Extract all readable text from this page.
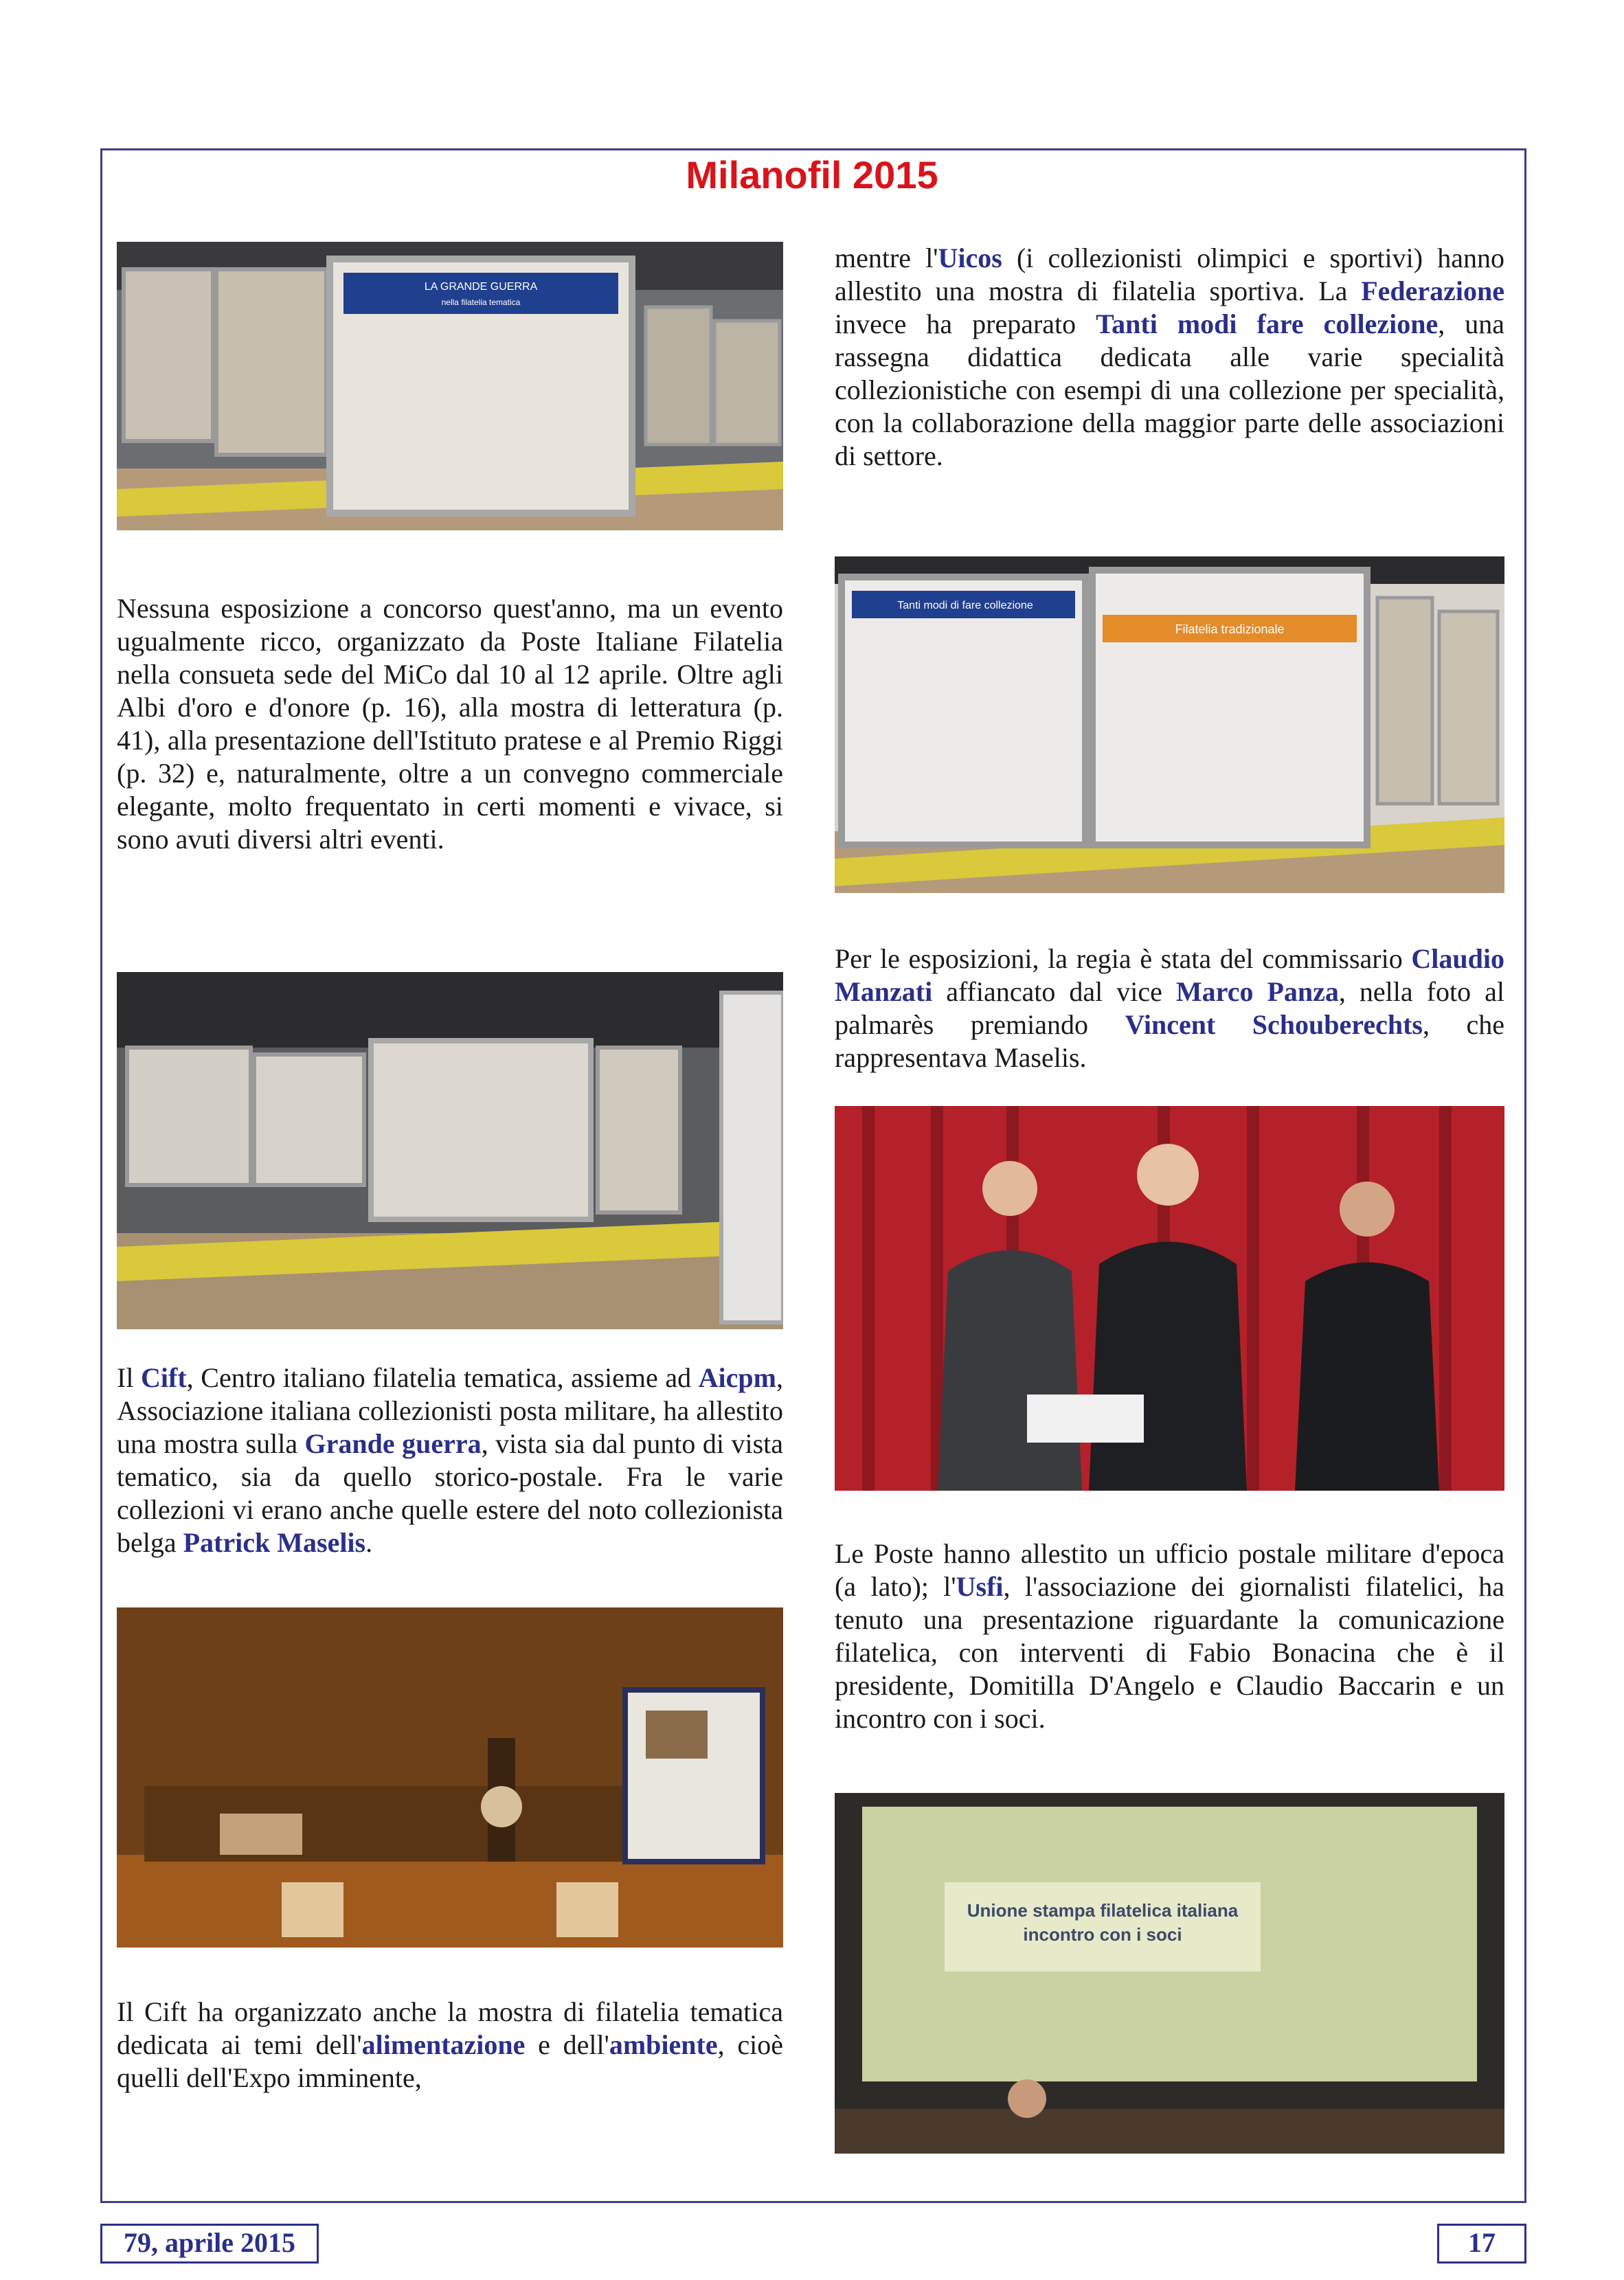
Milanofil 2015
LA GRANDE GUERRA
nella filatelia tematica
Tanti modi di fare collezione
Filatelia tradizionale
Unione stampa filatelica italiana
incontro con i soci

mentre l'Uicos (i collezionisti olimpici e sportivi) hanno allestito una mostra di filatelia sportiva. La Federazione invece ha preparato Tanti modi fare collezione, una rassegna didattica dedicata alle varie specialità collezionistiche con esempi di una collezione per specialità, con la collaborazione della maggior parte delle associazioni di settore.

Nessuna esposizione a concorso quest'anno, ma un evento ugualmente ricco, organizzato da Poste Italiane Filatelia nella consueta sede del MiCo dal 10 al 12 aprile. Oltre agli Albi d'oro e d'onore (p. 16), alla mostra di letteratura (p. 41), alla presentazione dell'Istituto pratese e al Premio Riggi (p. 32) e, naturalmente, oltre a un convegno commerciale elegante, molto frequentato in certi momenti e vivace, si sono avuti diversi altri eventi.

Per le esposizioni, la regia è stata del commissario Claudio Manzati affiancato dal vice Marco Panza, nella foto al palmarès premiando Vincent Schouberechts, che rappresentava Maselis.

Il Cift, Centro italiano filatelia tematica, assieme ad Aicpm, Associazione italiana collezionisti posta militare, ha allestito una mostra sulla Grande guerra, vista sia dal punto di vista tematico, sia da quello storico-postale. Fra le varie collezioni vi erano anche quelle estere del noto collezionista belga Patrick Maselis.	Le Poste hanno allestito un ufficio postale militare d'epoca (a lato); l'Usfi, l'associazione dei giornalisti filatelici, ha tenuto una presentazione riguardante la comunicazione filatelica, con interventi di Fabio Bonacina che è il presidente, Domitilla D'Angelo e Claudio Baccarin e un incontro con i soci.

Il Cift ha organizzato anche la mostra di filatelia tematica dedicata ai temi dell'alimentazione e dell'ambiente, cioè quelli dell'Expo imminente,

79, aprile 2015	17
